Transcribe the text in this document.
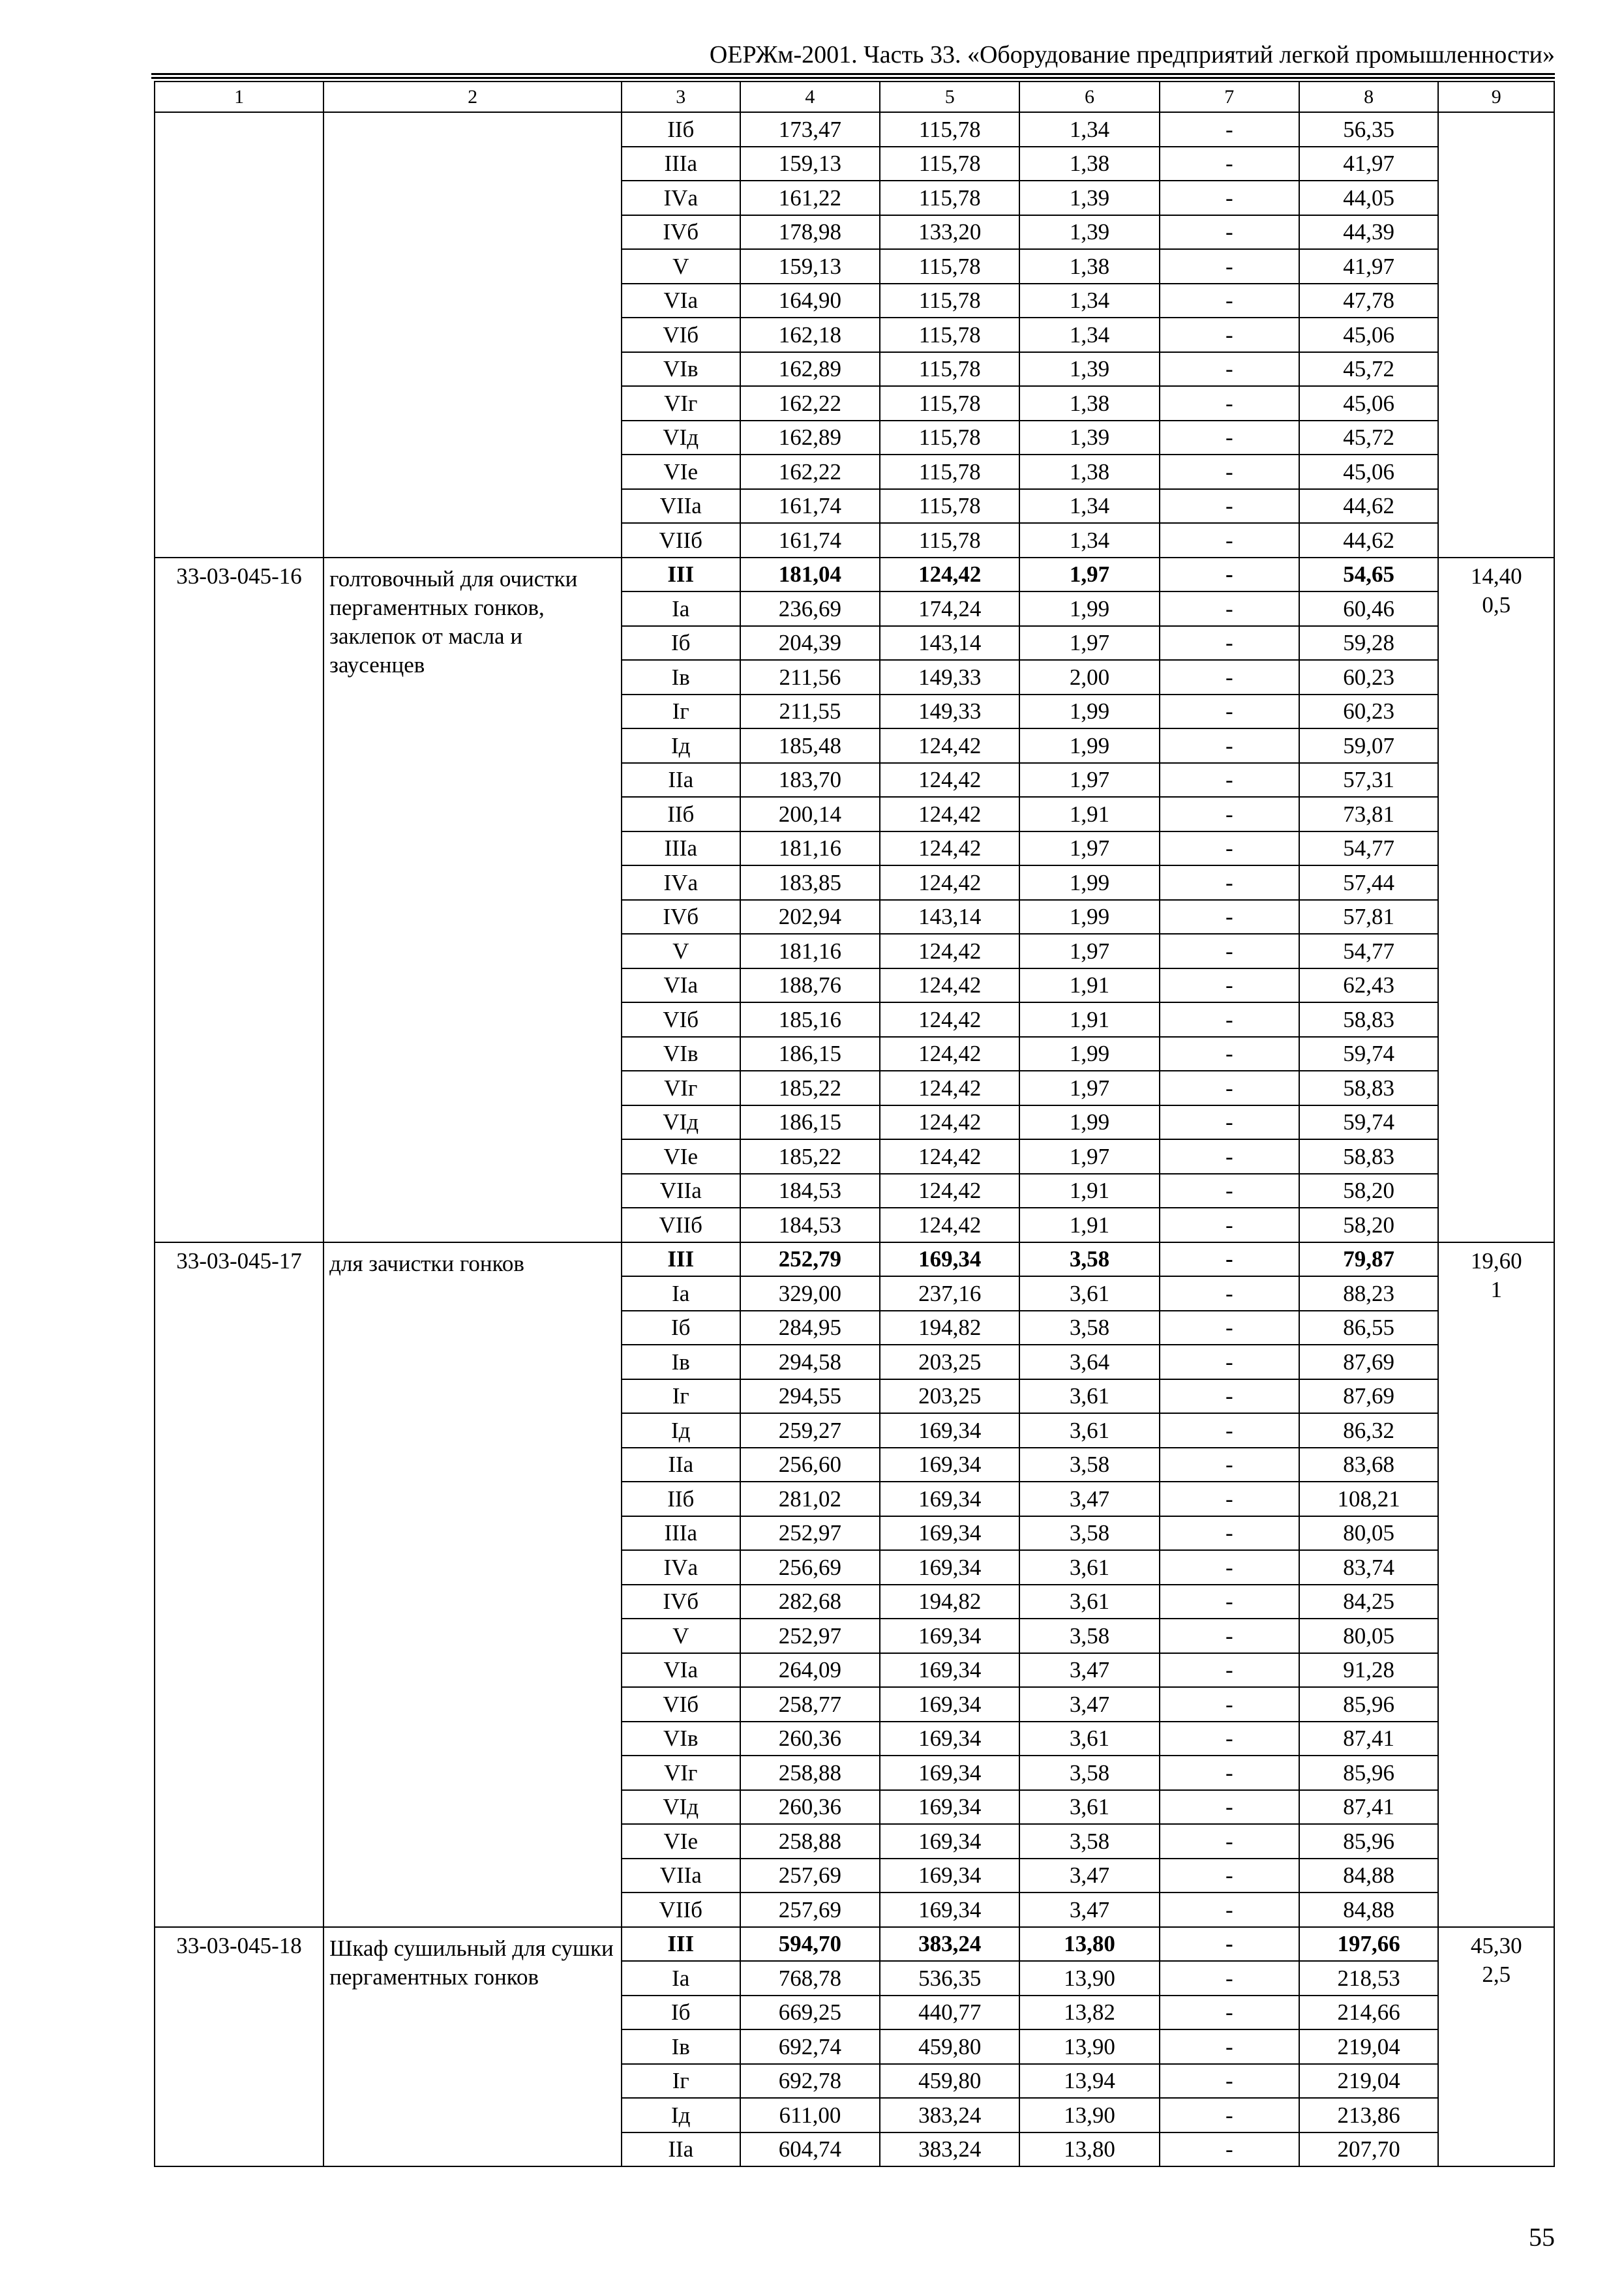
ОЕРЖм-2001. Часть 33. «Оборудование предприятий легкой промышленности»
1	2	3	4	5	6	7	8	9
		IIб	173,47	115,78	1,34	-	56,35	
		IIIа	159,13	115,78	1,38	-	41,97	
		IVа	161,22	115,78	1,39	-	44,05	
		IVб	178,98	133,20	1,39	-	44,39	
		V	159,13	115,78	1,38	-	41,97	
		VIа	164,90	115,78	1,34	-	47,78	
		VIб	162,18	115,78	1,34	-	45,06	
		VIв	162,89	115,78	1,39	-	45,72	
		VIг	162,22	115,78	1,38	-	45,06	
		VIд	162,89	115,78	1,39	-	45,72	
		VIе	162,22	115,78	1,38	-	45,06	
		VIIа	161,74	115,78	1,34	-	44,62	
		VIIб	161,74	115,78	1,34	-	44,62	
33-03-045-16	голтовочный для очистки пергаментных гонков, заклепок от масла и заусенцев	III	181,04	124,42	1,97	-	54,65	14,40
0,5

		Iа	236,69	174,24	1,99	-	60,46	
		Iб	204,39	143,14	1,97	-	59,28	
		Iв	211,56	149,33	2,00	-	60,23	
		Iг	211,55	149,33	1,99	-	60,23	
		Iд	185,48	124,42	1,99	-	59,07	
		IIа	183,70	124,42	1,97	-	57,31	
		IIб	200,14	124,42	1,91	-	73,81	
		IIIа	181,16	124,42	1,97	-	54,77	
		IVа	183,85	124,42	1,99	-	57,44	
		IVб	202,94	143,14	1,99	-	57,81	
		V	181,16	124,42	1,97	-	54,77	
		VIа	188,76	124,42	1,91	-	62,43	
		VIб	185,16	124,42	1,91	-	58,83	
		VIв	186,15	124,42	1,99	-	59,74	
		VIг	185,22	124,42	1,97	-	58,83	
		VIд	186,15	124,42	1,99	-	59,74	
		VIе	185,22	124,42	1,97	-	58,83	
		VIIа	184,53	124,42	1,91	-	58,20	
		VIIб	184,53	124,42	1,91	-	58,20	
33-03-045-17	для зачистки гонков	III	252,79	169,34	3,58	-	79,87	19,60
1

		Iа	329,00	237,16	3,61	-	88,23	
		Iб	284,95	194,82	3,58	-	86,55	
		Iв	294,58	203,25	3,64	-	87,69	
		Iг	294,55	203,25	3,61	-	87,69	
		Iд	259,27	169,34	3,61	-	86,32	
		IIа	256,60	169,34	3,58	-	83,68	
		IIб	281,02	169,34	3,47	-	108,21	
		IIIа	252,97	169,34	3,58	-	80,05	
		IVа	256,69	169,34	3,61	-	83,74	
		IVб	282,68	194,82	3,61	-	84,25	
		V	252,97	169,34	3,58	-	80,05	
		VIа	264,09	169,34	3,47	-	91,28	
		VIб	258,77	169,34	3,47	-	85,96	
		VIв	260,36	169,34	3,61	-	87,41	
		VIг	258,88	169,34	3,58	-	85,96	
		VIд	260,36	169,34	3,61	-	87,41	
		VIе	258,88	169,34	3,58	-	85,96	
		VIIа	257,69	169,34	3,47	-	84,88	
		VIIб	257,69	169,34	3,47	-	84,88	
33-03-045-18	Шкаф сушильный для сушки пергаментных гонков	III	594,70	383,24	13,80	-	197,66	45,30
2,5

		Iа	768,78	536,35	13,90	-	218,53	
		Iб	669,25	440,77	13,82	-	214,66	
		Iв	692,74	459,80	13,90	-	219,04	
		Iг	692,78	459,80	13,94	-	219,04	
		Iд	611,00	383,24	13,90	-	213,86	
		IIа	604,74	383,24	13,80	-	207,70	
55
